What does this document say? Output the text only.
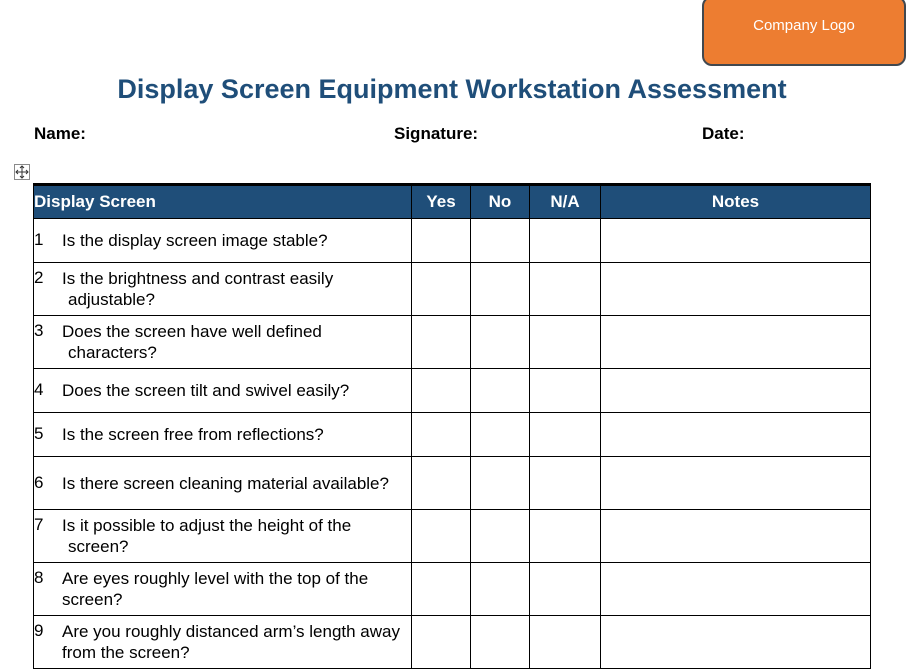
Company Logo
Display Screen Equipment Workstation Assessment
Name:	Signature:	Date:
Display Screen	Yes	No	N/A	Notes

1 Is the display screen image stable?				

2 Is the brightness and contrast easily adjustable?				

3 Does the screen have well defined characters?				

4 Does the screen tilt and swivel easily?				

5 Is the screen free from reflections?				

6 Is there screen cleaning material available?				

7 Is it possible to adjust the height of the screen?				

8 Are eyes roughly level with the top of the screen?				

9 Are you roughly distanced arm’s length away from the screen?				
